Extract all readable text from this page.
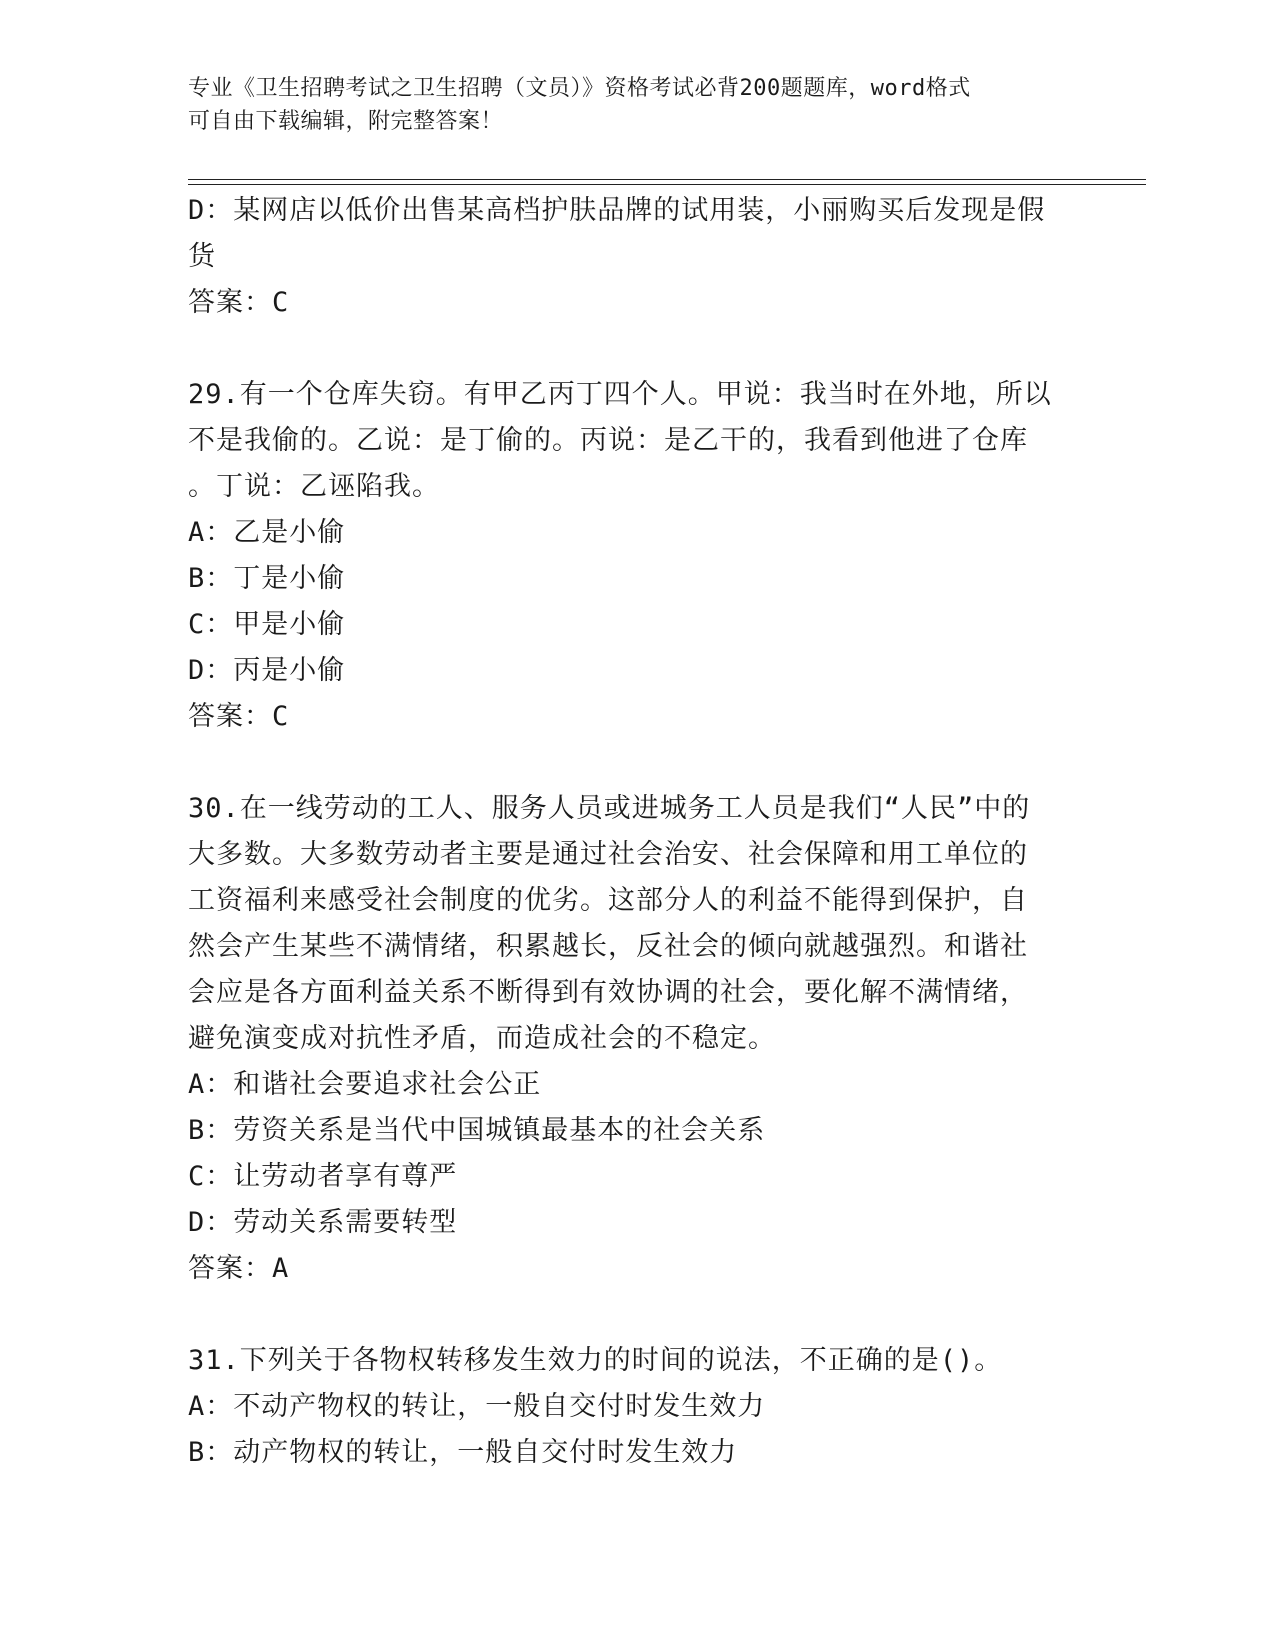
专业《卫生招聘考试之卫生招聘（文员）》资格考试必背200题题库，word格式
可自由下载编辑，附完整答案！
D：某网店以低价出售某高档护肤品牌的试用装，小丽购买后发现是假
货
答案：C
29.有一个仓库失窃。有甲乙丙丁四个人。甲说：我当时在外地，所以
不是我偷的。乙说：是丁偷的。丙说：是乙干的，我看到他进了仓库
。丁说：乙诬陷我。
A：乙是小偷
B：丁是小偷
C：甲是小偷
D：丙是小偷
答案：C
30.在一线劳动的工人、服务人员或进城务工人员是我们“人民”中的
大多数。大多数劳动者主要是通过社会治安、社会保障和用工单位的
工资福利来感受社会制度的优劣。这部分人的利益不能得到保护，自
然会产生某些不满情绪，积累越长，反社会的倾向就越强烈。和谐社
会应是各方面利益关系不断得到有效协调的社会，要化解不满情绪，
避免演变成对抗性矛盾，而造成社会的不稳定。
A：和谐社会要追求社会公正
B：劳资关系是当代中国城镇最基本的社会关系
C：让劳动者享有尊严
D：劳动关系需要转型
答案：A
31.下列关于各物权转移发生效力的时间的说法，不正确的是()。
A：不动产物权的转让，一般自交付时发生效力
B：动产物权的转让，一般自交付时发生效力
